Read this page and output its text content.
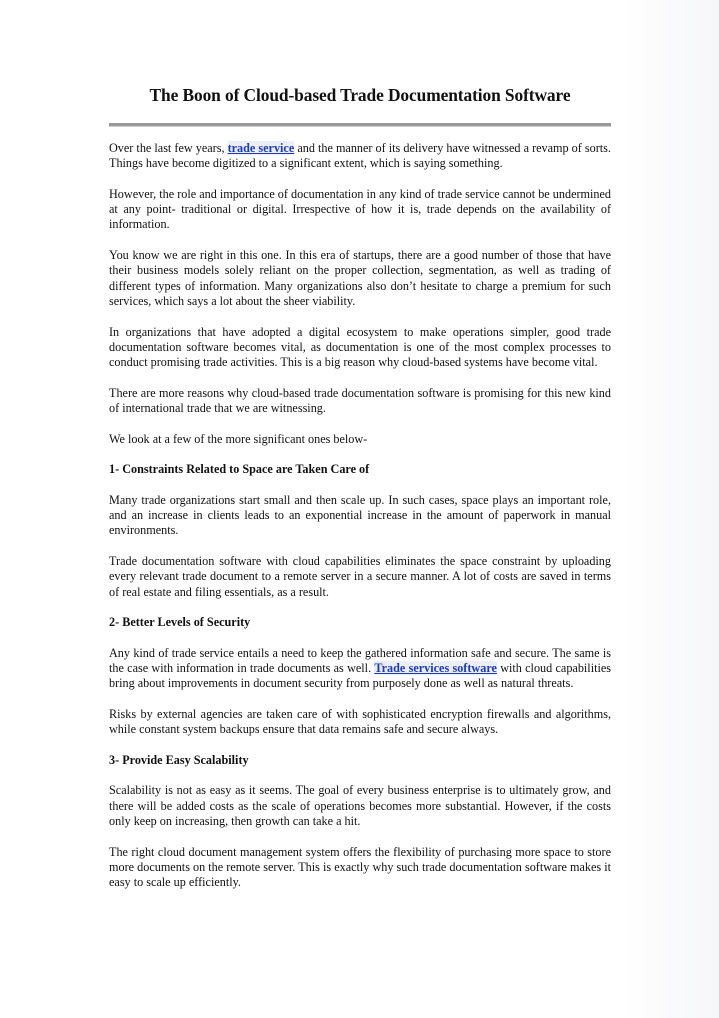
The Boon of Cloud-based Trade Documentation Software

Over the last few years, trade service and the manner of its delivery have witnessed a revamp of sorts. Things have become digitized to a significant extent, which is saying something.

However, the role and importance of documentation in any kind of trade service cannot be undermined at any point- traditional or digital. Irrespective of how it is, trade depends on the availability of information.

You know we are right in this one. In this era of startups, there are a good number of those that have their business models solely reliant on the proper collection, segmentation, as well as trading of different types of information. Many organizations also don’t hesitate to charge a premium for such services, which says a lot about the sheer viability.

In organizations that have adopted a digital ecosystem to make operations simpler, good trade documentation software becomes vital, as documentation is one of the most complex processes to conduct promising trade activities. This is a big reason why cloud-based systems have become vital.

There are more reasons why cloud-based trade documentation software is promising for this new kind of international trade that we are witnessing.

We look at a few of the more significant ones below-

1- Constraints Related to Space are Taken Care of

Many trade organizations start small and then scale up. In such cases, space plays an important role, and an increase in clients leads to an exponential increase in the amount of paperwork in manual environments.

Trade documentation software with cloud capabilities eliminates the space constraint by uploading every relevant trade document to a remote server in a secure manner. A lot of costs are saved in terms of real estate and filing essentials, as a result.

2- Better Levels of Security

Any kind of trade service entails a need to keep the gathered information safe and secure. The same is the case with information in trade documents as well. Trade services software with cloud capabilities bring about improvements in document security from purposely done as well as natural threats.

Risks by external agencies are taken care of with sophisticated encryption firewalls and algorithms, while constant system backups ensure that data remains safe and secure always.

3- Provide Easy Scalability

Scalability is not as easy as it seems. The goal of every business enterprise is to ultimately grow, and there will be added costs as the scale of operations becomes more substantial. However, if the costs only keep on increasing, then growth can take a hit.

The right cloud document management system offers the flexibility of purchasing more space to store more documents on the remote server. This is exactly why such trade documentation software makes it easy to scale up efficiently.
